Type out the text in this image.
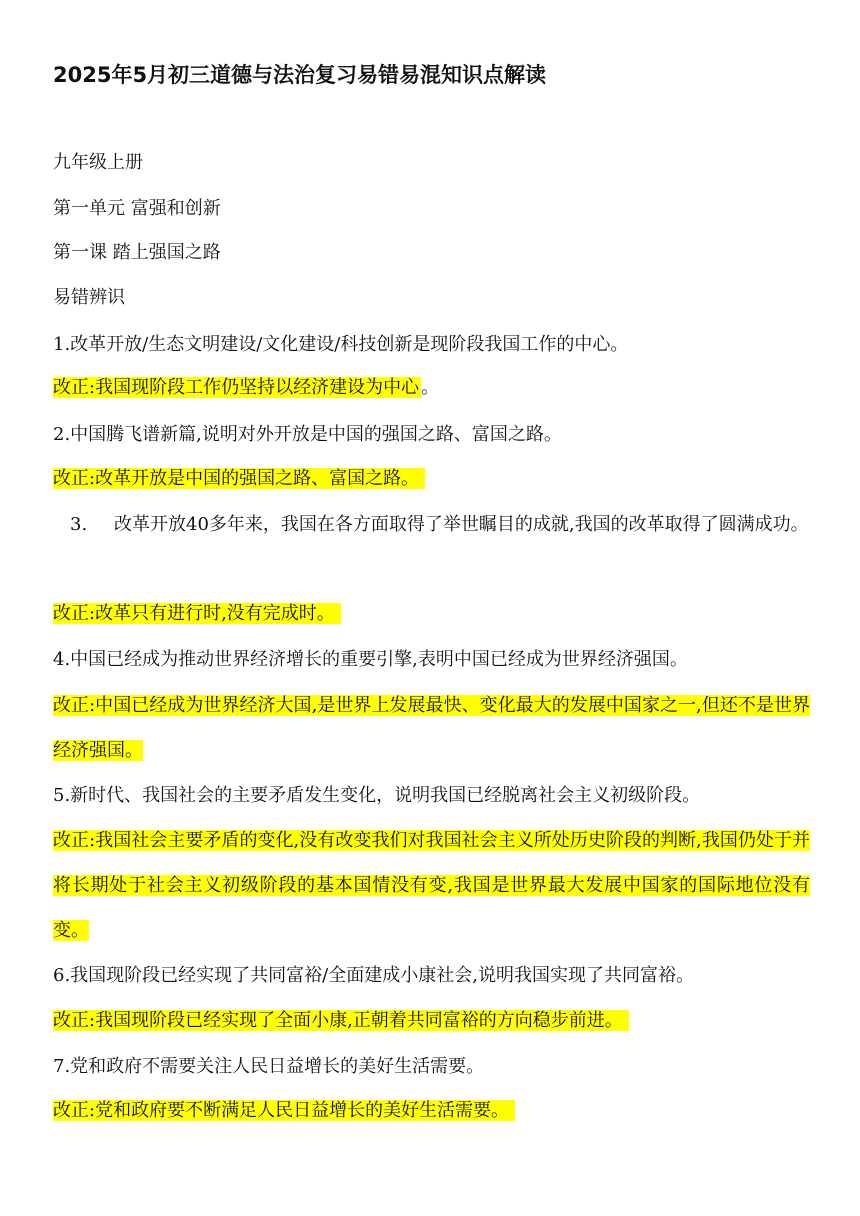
2025年5月初三道德与法治复习易错易混知识点解读
九年级上册
第一单元 富强和创新
第一课 踏上强国之路
易错辨识
1.改革开放/生态文明建设/文化建设/科技创新是现阶段我国工作的中心。
改正:我国现阶段工作仍坚持以经济建设为中心 。
2.中国腾飞谱新篇,说明对外开放是中国的强国之路、富国之路。
改正:改革开放是中国的强国之路、富国之路。
3. 改革开放40多年来，我国在各方面取得了举世瞩目的成就,我国的改革取得了圆满成功。
改正:改革只有进行时,没有完成时。
4.中国已经成为推动世界经济增长的重要引擎,表明中国已经成为世界经济强国。
改正:中国已经成为世界经济大国,是世界上发展最快、变化最大的发展中国家之一,但还不是世界经济强国。
5.新时代、我国社会的主要矛盾发生变化，说明我国已经脱离社会主义初级阶段。
改正:我国社会主要矛盾的变化,没有改变我们对我国社会主义所处历史阶段的判断,我国仍处于并将长期处于社会主义初级阶段的基本国情没有变,我国是世界最大发展中国家的国际地位没有变。
6.我国现阶段已经实现了共同富裕/全面建成小康社会,说明我国实现了共同富裕。
改正:我国现阶段已经实现了全面小康,正朝着共同富裕的方向稳步前进。
7.党和政府不需要关注人民日益增长的美好生活需要。
改正:党和政府要不断满足人民日益增长的美好生活需要。
